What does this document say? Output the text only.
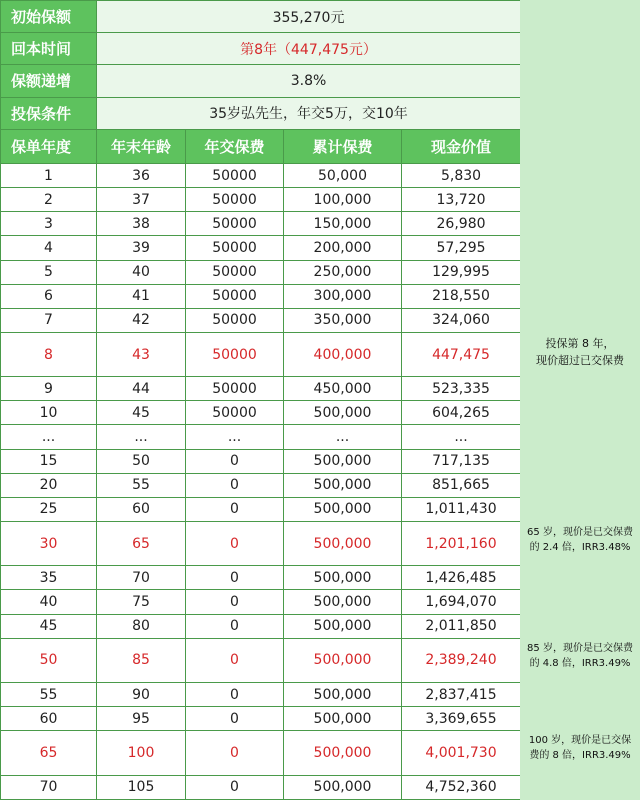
初始保额	355,270元			
回本时间	第8年（447,475元）			
保额递增	3.8%			
投保条件	35岁弘先生，年交5万，交10年			
保单年度	年末年龄	年交保费	累计保费	现金价值
1	36	50000	50,000	5,830
2	37	50000	100,000	13,720
3	38	50000	150,000	26,980
4	39	50000	200,000	57,295
5	40	50000	250,000	129,995
6	41	50000	300,000	218,550
7	42	50000	350,000	324,060
8	43	50000	400,000	447,475
9	44	50000	450,000	523,335
10	45	50000	500,000	604,265
...	...	...	...	...
15	50	0	500,000	717,135
20	55	0	500,000	851,665
25	60	0	500,000	1,011,430
30	65	0	500,000	1,201,160
35	70	0	500,000	1,426,485
40	75	0	500,000	1,694,070
45	80	0	500,000	2,011,850
50	85	0	500,000	2,389,240
55	90	0	500,000	2,837,415
60	95	0	500,000	3,369,655
65	100	0	500,000	4,001,730
70	105	0	500,000	4,752,360
投保第 8 年，
现价超过已交保费
65 岁，现价是已交保费
的 2.4 倍，IRR3.48%
85 岁，现价是已交保费
的 4.8 倍，IRR3.49%
100 岁，现价是已交保
费的 8 倍，IRR3.49%
